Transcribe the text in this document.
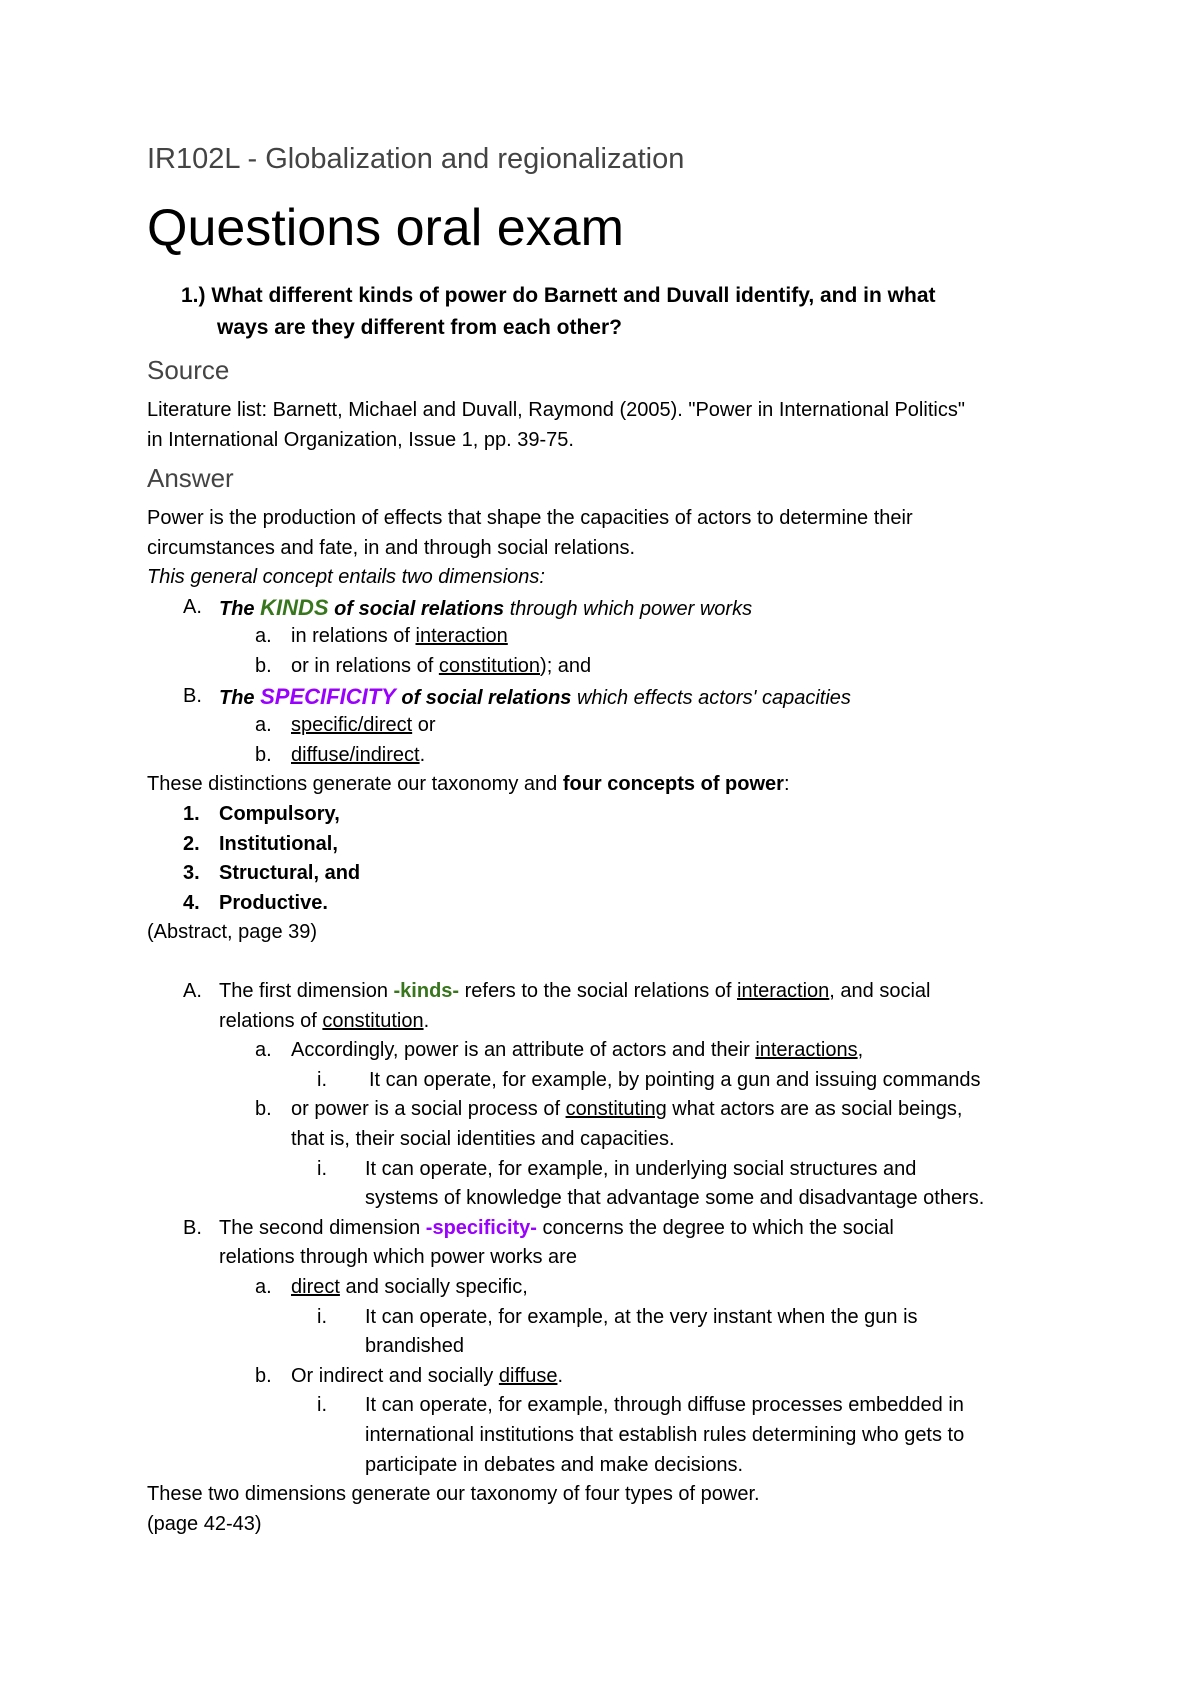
IR102L - Globalization and regionalization
Questions oral exam
1.) What different kinds of power do Barnett and Duvall identify, and in what
ways are they different from each other?
Source
Literature list: Barnett, Michael and Duvall, Raymond (2005). "Power in International Politics"
in International Organization, Issue 1, pp. 39-75.
Answer
Power is the production of effects that shape the capacities of actors to determine their
circumstances and fate, in and through social relations.
This general concept entails two dimensions:
A. The KINDS of social relations through which power works
a. in relations of interaction
b. or in relations of constitution); and
B. The SPECIFICITY of social relations which effects actors' capacities
a. specific/direct or
b. diffuse/indirect.
These distinctions generate our taxonomy and four concepts of power:
1. Compulsory,
2. Institutional,
3. Structural, and
4. Productive.
(Abstract, page 39)
A. The first dimension -kinds- refers to the social relations of interaction, and social
relations of constitution.
a. Accordingly, power is an attribute of actors and their interactions,
i. It can operate, for example, by pointing a gun and issuing commands
b. or power is a social process of constituting what actors are as social beings,
that is, their social identities and capacities.
i. It can operate, for example, in underlying social structures and
systems of knowledge that advantage some and disadvantage others.
B. The second dimension -specificity- concerns the degree to which the social
relations through which power works are
a. direct and socially specific,
i. It can operate, for example, at the very instant when the gun is
brandished
b. Or indirect and socially diffuse.
i. It can operate, for example, through diffuse processes embedded in
international institutions that establish rules determining who gets to
participate in debates and make decisions.
These two dimensions generate our taxonomy of four types of power.
(page 42-43)
